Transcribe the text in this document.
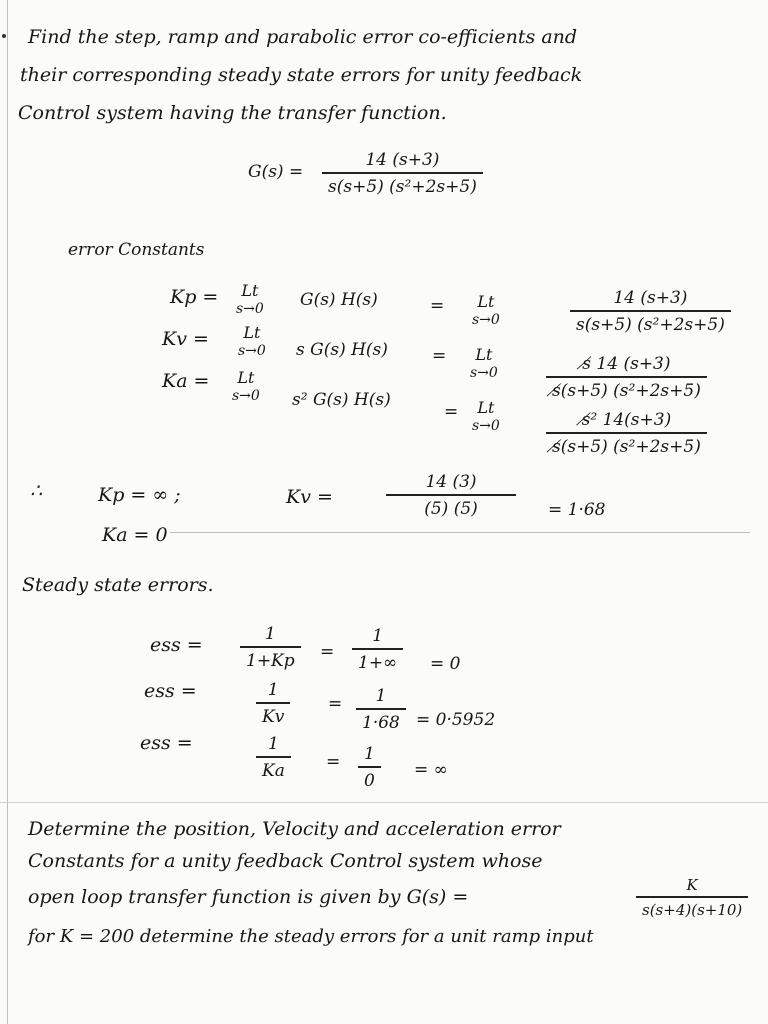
Find the step, ramp and parabolic error co-efficients and
their corresponding steady state errors for unity feedback
Control system having the transfer function.
G(s) =
14 (s+3)
s(s+5) (s²+2s+5)
error Constants
Kp = Lt
s→0 G(s) H(s)	= Lt
s→0
14 (s+3)
s(s+5) (s²+2s+5)
Kv = Lt
s→0 s G(s) H(s)	= Lt
s→0	s̸ 14 (s+3)
s̸(s+5) (s²+2s+5)
Ka = Lt
s→0 s² G(s) H(s)
= Lt
s→0	s̸² 14(s+3)
s̸(s+5) (s²+2s+5)
∴	Kp = ∞ ;	Kv =
14 (3)
(5) (5)	= 1·68
Ka = 0
Steady state errors.
ess =	1
1+Kp	=
1
1+∞	= 0
ess =	1
Kv
=	1
1·68 = 0·5952
ess =	1
Ka	=	1
0
= ∞
Determine the position, Velocity and acceleration error
Constants for a unity feedback Control system whose
open loop transfer function is given by G(s) =
K
s(s+4)(s+10)
for K = 200 determine the steady errors for a unit ramp input
